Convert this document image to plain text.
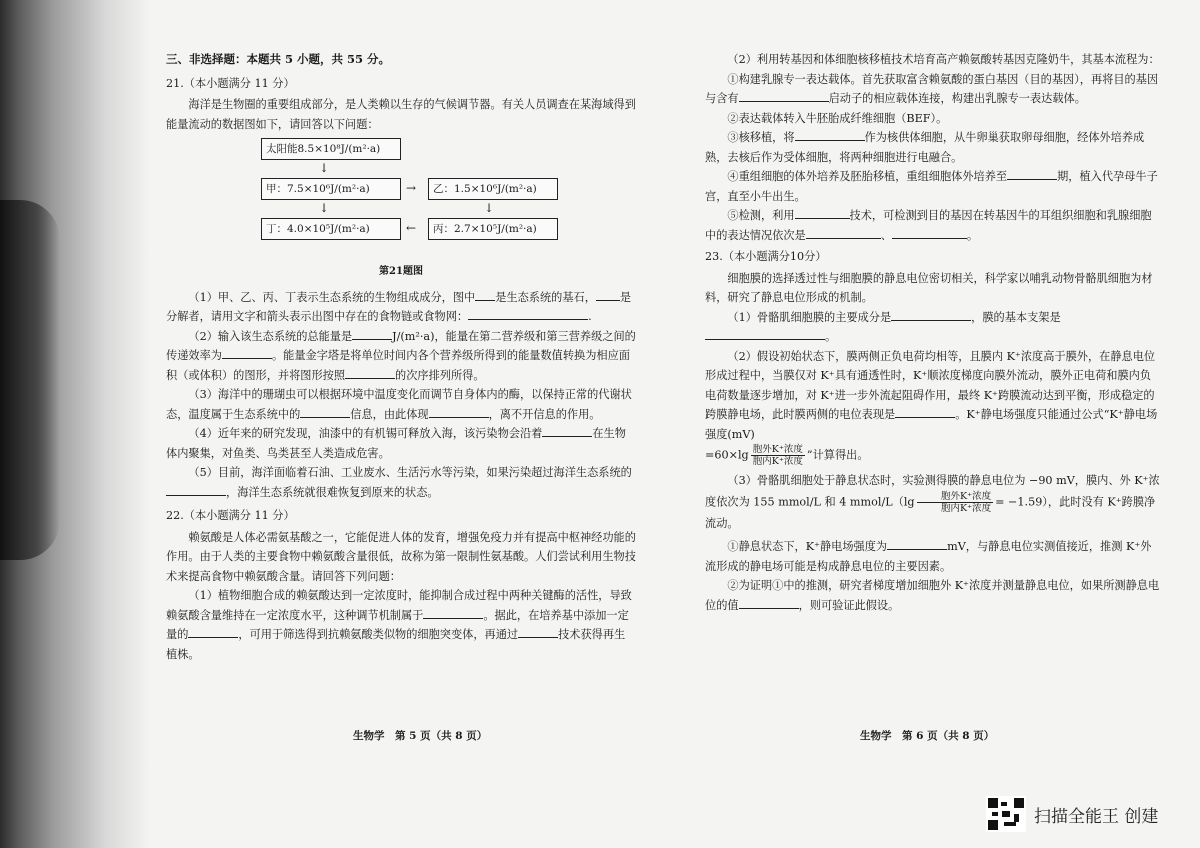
三、非选择题：本题共 5 小题，共 55 分。

21.（本小题满分 11 分）

海洋是生物圈的重要组成部分，是人类赖以生存的气候调节器。有关人员调查在某海域得到能量流动的数据图如下，请回答以下问题：

太阳能8.5×10⁸J/(m²·a)
↓
甲：7.5×10⁶J/(m²·a)	→	乙：1.5×10⁶J/(m²·a)
↓	↓
丁：4.0×10⁵J/(m²·a)	←	丙：2.7×10⁵J/(m²·a)

第21题图

（1）甲、乙、丙、丁表示生态系统的生物组成成分，图中 是生态系统的基石， 是分解者，请用文字和箭头表示出图中存在的食物链或食物网：	.

（2）输入该生态系统的总能量是	J/(m²·a)，能量在第二营养级和第三营养级之间的传递效率为	。能量金字塔是将单位时间内各个营养级所得到的能量数值转换为相应面积（或体积）的图形，并将图形按照	的次序排列所得。

（3）海洋中的珊瑚虫可以根据环境中温度变化而调节自身体内的酶，以保持正常的代谢状态，温度属于生态系统中的	信息，由此体现	，离不开信息的作用。

（4）近年来的研究发现，油漆中的有机锡可释放入海，该污染物会沿着	在生物体内聚集，对鱼类、鸟类甚至人类造成危害。

（5）目前，海洋面临着石油、工业废水、生活污水等污染，如果污染超过海洋生态系统的，海洋生态系统就很难恢复到原来的状态。

22.（本小题满分 11 分）

赖氨酸是人体必需氨基酸之一，它能促进人体的发育，增强免疫力并有提高中枢神经功能的作用。由于人类的主要食物中赖氨酸含量很低，故称为第一限制性氨基酸。人们尝试利用生物技术来提高食物中赖氨酸含量。请回答下列问题：

（1）植物细胞合成的赖氨酸达到一定浓度时，能抑制合成过程中两种关键酶的活性，导致赖氨酸含量维持在一定浓度水平，这种调节机制属于	。据此，在培养基中添加一定量的	，可用于筛选得到抗赖氨酸类似物的细胞突变体，再通过	技术获得再生植株。

生物学　第 5 页（共 8 页）

（2）利用转基因和体细胞核移植技术培育高产赖氨酸转基因克隆奶牛，其基本流程为：

①构建乳腺专一表达载体。首先获取富含赖氨酸的蛋白基因（目的基因），再将目的基因与含有	启动子的相应载体连接，构建出乳腺专一表达载体。

②表达载体转入牛胚胎成纤维细胞（BEF）。

③核移植，将	作为核供体细胞，从牛卵巢获取卵母细胞，经体外培养成熟，去核后作为受体细胞，将两种细胞进行电融合。

④重组细胞的体外培养及胚胎移植，重组细胞体外培养至	期，植入代孕母牛子宫，直至小牛出生。

⑤检测，利用	技术，可检测到目的基因在转基因牛的耳组织细胞和乳腺细胞中的表达情况依次是	、	。

23.（本小题满分10分）

细胞膜的选择透过性与细胞膜的静息电位密切相关，科学家以哺乳动物骨骼肌细胞为材料，研究了静息电位形成的机制。

（1）骨骼肌细胞膜的主要成分是	，膜的基本支架是。

（2）假设初始状态下，膜两侧正负电荷均相等，且膜内 K⁺浓度高于膜外，在静息电位形成过程中，当膜仅对 K⁺具有通透性时，K⁺顺浓度梯度向膜外流动，膜外正电荷和膜内负电荷数量逐步增加，对 K⁺进一步外流起阻碍作用，最终 K⁺跨膜流动达到平衡，形成稳定的跨膜静电场，此时膜两侧的电位表现是	。K⁺静电场强度只能通过公式“K⁺静电场强度(mV)

$=60\times\lg \frac{\text{胞外K⁺浓度}}{\text{胞内K⁺浓度}}$ ”计算得出。

（3）骨骼肌细胞处于静息状态时，实验测得膜的静息电位为 −90 mV，膜内、外 K⁺浓度依次为 155 mmol/L 和 4 mmol/L（lg $\frac{\text{胞外K⁺浓度}}{\text{胞内K⁺浓度}} = -1.59$），此时没有 K⁺跨膜净流动。

①静息状态下，K⁺静电场强度为	mV，与静息电位实测值接近，推测 K⁺外流形成的静电场可能是构成静息电位的主要因素。

②为证明①中的推测，研究者梯度增加细胞外 K⁺浓度并测量静息电位，如果所测静息电位的值	，则可验证此假设。

生物学　第 6 页（共 8 页）
扫描全能王 创建
